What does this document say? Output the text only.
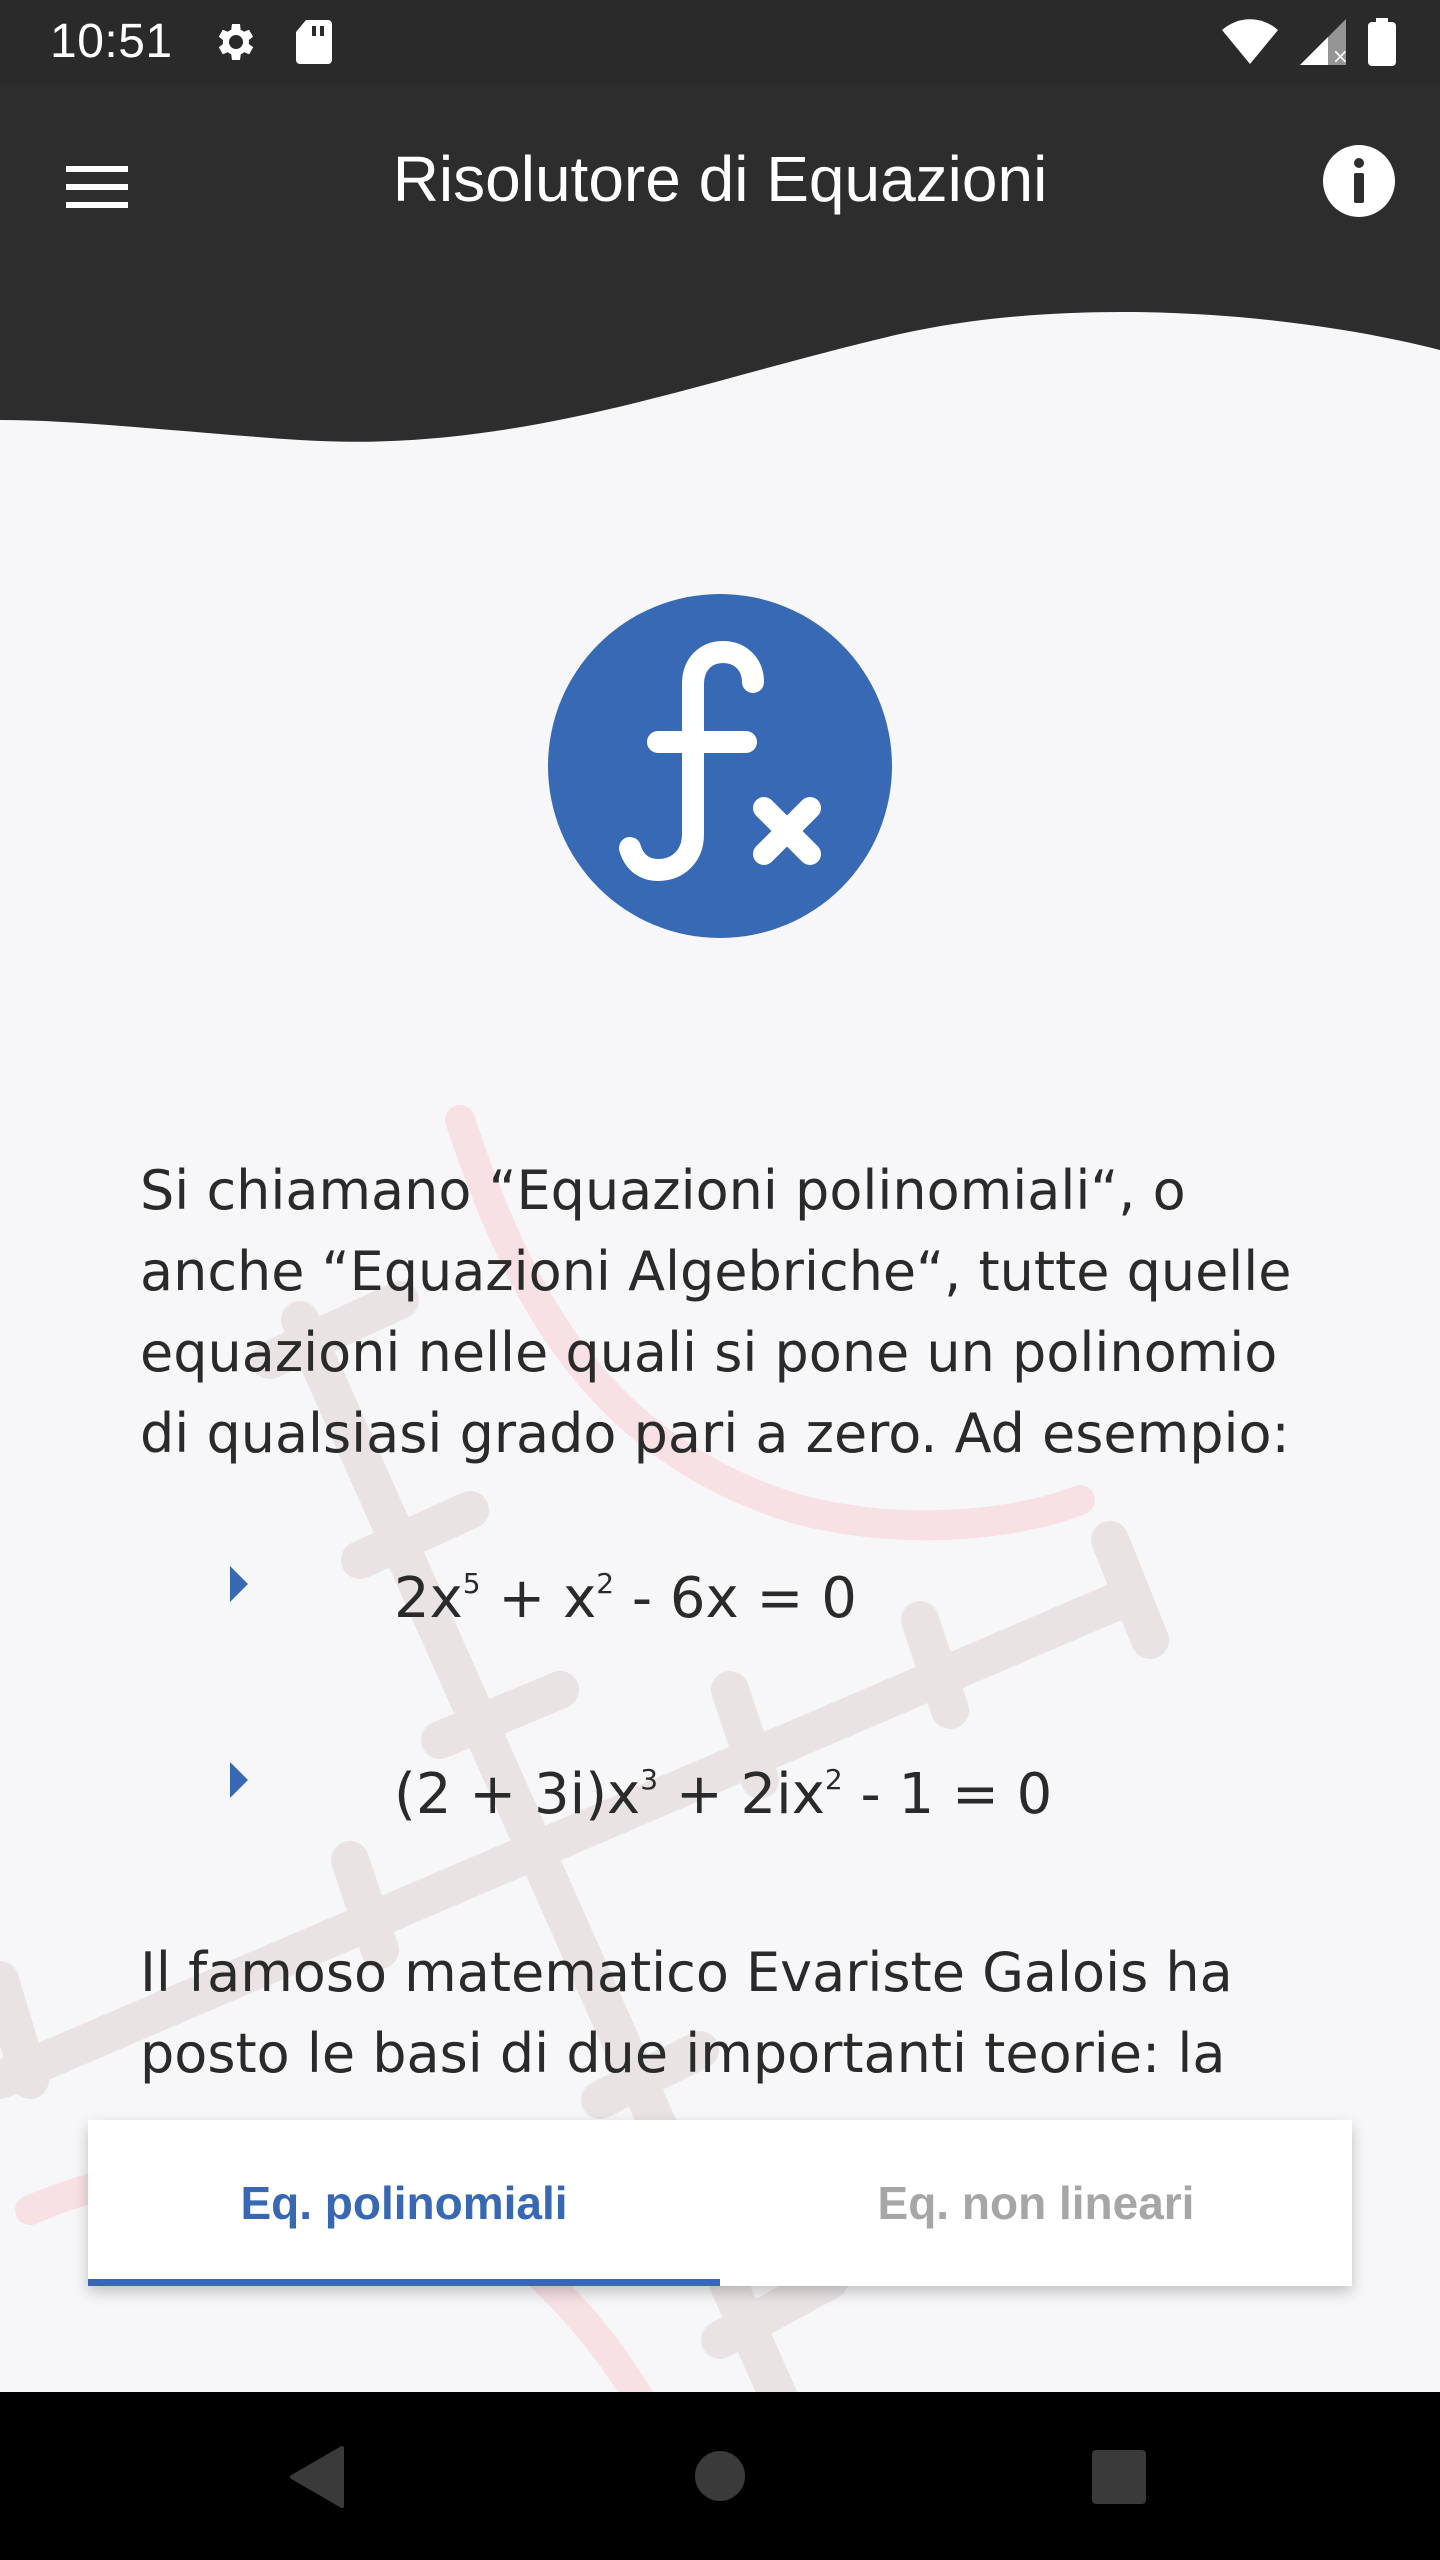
10:51	×
Risolutore di Equazioni

Si chiamano “Equazioni polinomiali“, o anche “Equazioni Algebriche“, tutte quelle equazioni nelle quali si pone un polinomio di qualsiasi grado pari a zero. Ad esempio:

$2x^5 + x^2 - 6x = 0$
$(2 + 3i)x^3 + 2ix^2 - 1 = 0$

Il famoso matematico Evariste Galois ha posto le basi di due importanti teorie: la

Eq. polinomiali	Eq. non lineari
